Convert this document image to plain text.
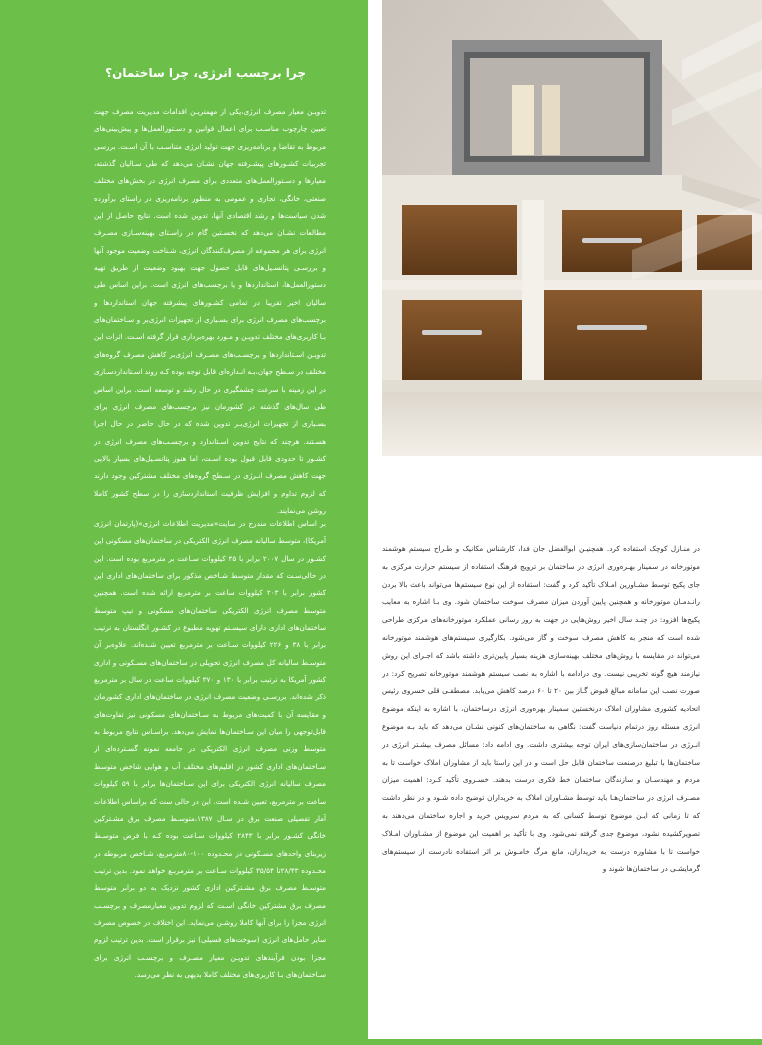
چرا برچسب انرژی، چرا ساختمان؟
تدویـن معیار مصرف انرژی،یکی از مهمتریـن اقدامات مدیریت مصرف جهت تعیین چارچوب مناسـب برای اعمال قوانین و دسـتورالعمل‌ها و پیش‌بینی‌های مربوط به تقاضا و برنامه‌ریزی جهت تولید انرژی متناسـب با آن اسـت. بررسی تجربیات کشـورهای پیشـرفته جهان نشـان می‌دهد که طی سـالیان گذشته، معیارها و دسـتورالعمل‌های متعددی برای مصرف انرژی در بخش‌های مختلف صنعتی، خانگی، تجاری و عمومی به منظور برنامه‌ریزی در راستای برآورده شدن سیاست‌ها و رشد اقتصادی آنها، تدوین شده است. نتایج حاصل از این مطالعات نشـان می‌دهد که نخسـتین گام در راسـتای بهینه‌سـازی مصـرف انرژی برای هر مجموعه از مصرف‌کنندگان انرژی، شـناخت وضعیت موجود آنها و بررسـی پتانسـیل‌های قابل حصول جهت بهبود وضعیت از طریق تهیه دستورالعمل‌ها، استانداردها و یا برچسب‌های انرژی است. براین اساس طی سالیان اخیر تقریبا در تمامی کشـورهای پیشرفته جهان استانداردها و برچسب‌های مصرف انرژی برای بسـیاری از تجهیزات انرژی‌بر و سـاختمان‌های بـا کاربری‌های مختلف تدویـن و مـورد بهره‌برداری قرار گرفته اسـت. اثرات این تدویـن اسـتانداردها و برچسـب‌های مصـرف انرژی‌بر کاهش مصرف گروه‌های مختلف در سـطح جهان،بـه انـدازه‌ای قابل توجه بوده کـه روند اسـتانداردسـازی در این زمینه با سرعت چشمگیری در حال رشد و توسعه است. براین اساس طی سال‌های گذشته در کشورمان نیز برچسب‌های مصرف انرژی برای بسـیاری از تجهیزات انرژی‌بـر تدوین شده که در حال حاضر در حال اجرا هسـتند. هرچند که نتایج تدوین اسـتاندارد و برچسـب‌های مصرف انرژی در کشـور تا حدودی قابل قبول بوده اسـت، اما هنوز پتانسـیل‌های بسیار بالایی جهت کاهش مصرف انـرژی در سـطح گروه‌های مختلف مشترکین وجود دارند که لزوم تداوم و افزایش ظرفیت استانداردسازی را در سطح کشور کاملا روشن می‌نمایند.
بر اساس اطلاعات مندرج در سایت«مدیریت اطلاعات انرژی»(پارتمان انرژی آمریکا)، متوسط سالیانه مصرف انرژی الکتریکی در ساختمان‌های مسکونی این کشـور در سال ۲۰۰۷ برابر با ۴۵ کیلووات سـاعت بر مترمربع بوده است. این در حالی‌سـت که مقدار متوسط شـاخص مذکور برای ساختمان‌های اداری این کشور برابر با ۲۰۳ کیلووات ساعت بر مترمربع ارائه شده است. همچنین متوسط مصرف انرژی الکتریکی ساختمان‌های مسکونی و تیپ متوسط ساختمان‌های اداری دارای سیسـتم تهویه مطبوع در کشـور انگلستان به ترتیب برابر با ۳۸ و ۲۲۶ کیلووات سـاعت بر مترمربع تعیین شـده‌اند. علاوه‌بر آن متوسـط سالیانه کل مصرف انرژی تحویلی در ساختمان‌های مسـکونی و اداری کشور آمریکا به ترتیب برابر با ۱۳۰ و ۳۷۰ کیلووات ساعت در سال بر مترمربع ذکر شده‌اند. بررسـی وضعیت مصرف انرژی در ساختمان‌های اداری کشورمان و مقایسه آن با کمیت‌های مربوط به سـاختمان‌های مسکونی نیز تفاوت‌های قابل‌توجهی را میان این سـاختمان‌ها نمایش می‌دهد. براسـاس نتایج مربوط به متوسط وزنی مصرف انرژی الکتریکی در جامعه نمونه گسـترده‌ای از سـاختمان‌های اداری کشور در اقلیم‌های مختلف آب و هوایی شاخص متوسط مصرف سالیانه انرژی الکتریکی برای این سـاختمان‌ها برابر با ۵۹ کیلووات ساعت بر مترمربع، تعیین شـده است. این در حالی ست که براساس اطلاعات آمار تفصیلی صنعت برق در سـال ۱۳۸۷،متوسـط مصرف برق مشـترکین خانگی کشـور برابر با ۲۸۴۳ کیلووات سـاعت بوده کـه با فرض متوسـط زیربنای واحدهای مسـکونی در محـدوده ۱۰۰-۸۰مترمربع، شـاخص مربوطه در محـدوده ۲۸/۴۳تا ۳۵/۵۴ کیلووات سـاعت بر مترمربـع خواهد نمود. بدین ترتیب متوسـط مصرف برق مشـترکین اداری کشور نزدیک به دو برابر متوسط مصرف برق مشترکین خانگی اسـت که لزوم تدوین معیارمصرف و برچسـب انرژی مجزا را برای آنها کاملا روشـن می‌نماید. این اختلاف در خصوص مصرف سایر حامل‌های انرژی (سوخت‌های فسیلی) نیز برقرار است. بدین ترتیب لزوم مجزا بودن فرآیندهای تدویـن معیار مصـرف و برچسـب انرژی برای سـاختمان‌های بـا کاربری‌های مختلف کاملا بدیهی به نظر می‌رسد.
در منـازل کوچک استفاده کرد. همچنیـن ابوالفضل جان فدا، کارشناس مکانیک و طـراح سیستم هوشمند موتورخانه در سمینار بهـره‌وری انرژی در ساختمان بر ترویج فرهنگ استفاده از سیستم حرارت مرکزی به جای پکیج توسط مشـاورین امـلاک تأکید کرد و گفت: استفاده از این نوع سیستم‌ها می‌تواند باعث بالا بردن رانـدمـان موتورخانه و همچنین پایین آوردن میزان مصرف سوخت ساختمان شود. وی بـا اشاره به معایب پکیج‌ها افزود: در چنـد سال اخیر روش‌هایی در جهت به روز رسانی عملکرد موتورخانه‌های مرکزی طراحی شده است که منجر به کاهش مصرف سوخت و گاز می‌شود. بکارگیری سیستم‌های هوشمند موتورخانه می‌تواند در مقایسه با روش‌های مختلف بهینه‌سازی هزینه بسیار پایین‌تری داشته باشد که اجـرای این روش نیازمند هیچ گونه تخریبی نیست. وی درادامه با اشاره به نصب سیستم هوشمند موتورخانه تصریح کرد: در صورت نصب این سامانه مبالغ قبوض گـاز بین ۲۰ تا ۶۰ درصد کاهش می‌یابد. مصطفـی قلی خسروی رئیس اتحادیه کشوری مشاوران املاک درنخستین سمینار بهره‌وری انرژی درساختمان، با اشاره به اینکه موضوع انرژی مسئله روز درتمام دنیاست گفت: نگاهی به ساختمان‌های کنونی نشـان می‌دهد که باید بـه موضوع انـرژی در ساختمان‌سازی‌های ایران توجه بیشتری داشت. وی ادامه داد: مسائل مصرف بیشـتر انرژی در ساختمان‌ها با تبلیغ درصنعت ساختمان قابل حل است و در این راستا باید از مشاوران املاک خواست تا به مردم و مهندسـان و سازندگان ساختمان خط فکری درست بدهند. خسـروی تأکید کـرد: اهمیت میزان مصـرف انرژی در ساختمان‌هـا باید توسط مشـاوران املاک به خریداران توضیح داده شـود و در نظر داشت که تا زمانی که ایـن موضوع توسط کسانی که به مردم سرویس خرید و اجاره ساختمان می‌دهند به تصویرکشیده نشود، موضوع جدی گرفته نمی‌شود. وی با تأکید بر اهمیت این موضوع از مشـاوران امـلاک خواست تا با مشاوره درست به خریداران، مانع مرگ خامـوش بر اثر استفاده نادرست از سیستم‌های گرمایشـی در ساختمان‌ها شوند و
